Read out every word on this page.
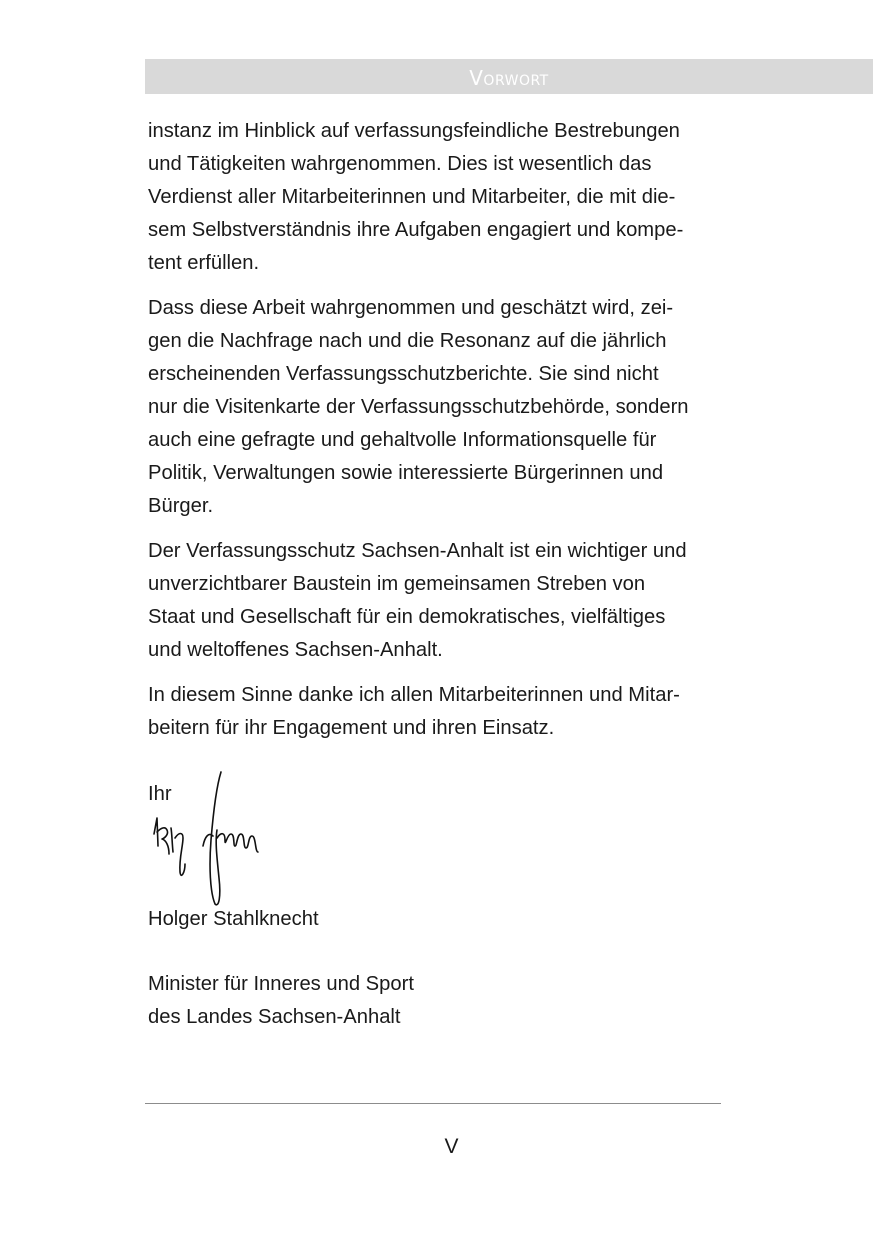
Vorwort

instanz im Hinblick auf verfassungsfeindliche Bestrebungen
und Tätigkeiten wahrgenommen. Dies ist wesentlich das
Verdienst aller Mitarbeiterinnen und Mitarbeiter, die mit die-
sem Selbstverständnis ihre Aufgaben engagiert und kompe-
tent erfüllen.

Dass diese Arbeit wahrgenommen und geschätzt wird, zei-
gen die Nachfrage nach und die Resonanz auf die jährlich
erscheinenden Verfassungsschutzberichte. Sie sind nicht
nur die Visitenkarte der Verfassungsschutzbehörde, sondern
auch eine gefragte und gehaltvolle Informationsquelle für
Politik, Verwaltungen sowie interessierte Bürgerinnen und
Bürger.

Der Verfassungsschutz Sachsen-Anhalt ist ein wichtiger und
unverzichtbarer Baustein im gemeinsamen Streben von
Staat und Gesellschaft für ein demokratisches, vielfältiges
und weltoffenes Sachsen-Anhalt.

In diesem Sinne danke ich allen Mitarbeiterinnen und Mitar-
beitern für ihr Engagement und ihren Einsatz.

Ihr
Holger Stahlknecht
Minister für Inneres und Sport
des Landes Sachsen-Anhalt
V
